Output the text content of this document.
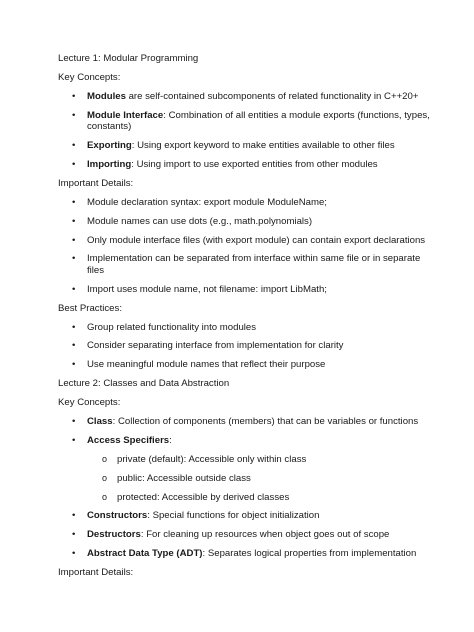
Lecture 1: Modular Programming

Key Concepts:

• Modules are self-contained subcomponents of related functionality in C++20+
• Module Interface: Combination of all entities a module exports (functions, types, constants)
• Exporting: Using export keyword to make entities available to other files
• Importing: Using import to use exported entities from other modules

Important Details:

• Module declaration syntax: export module ModuleName;
• Module names can use dots (e.g., math.polynomials)
• Only module interface files (with export module) can contain export declarations
• Implementation can be separated from interface within same file or in separate files
• Import uses module name, not filename: import LibMath;

Best Practices:

• Group related functionality into modules
• Consider separating interface from implementation for clarity
• Use meaningful module names that reflect their purpose

Lecture 2: Classes and Data Abstraction

Key Concepts:

• Class: Collection of components (members) that can be variables or functions
• Access Specifiers:
o private (default): Accessible only within class
o public: Accessible outside class
o protected: Accessible by derived classes
• Constructors: Special functions for object initialization
• Destructors: For cleaning up resources when object goes out of scope
• Abstract Data Type (ADT): Separates logical properties from implementation

Important Details:
